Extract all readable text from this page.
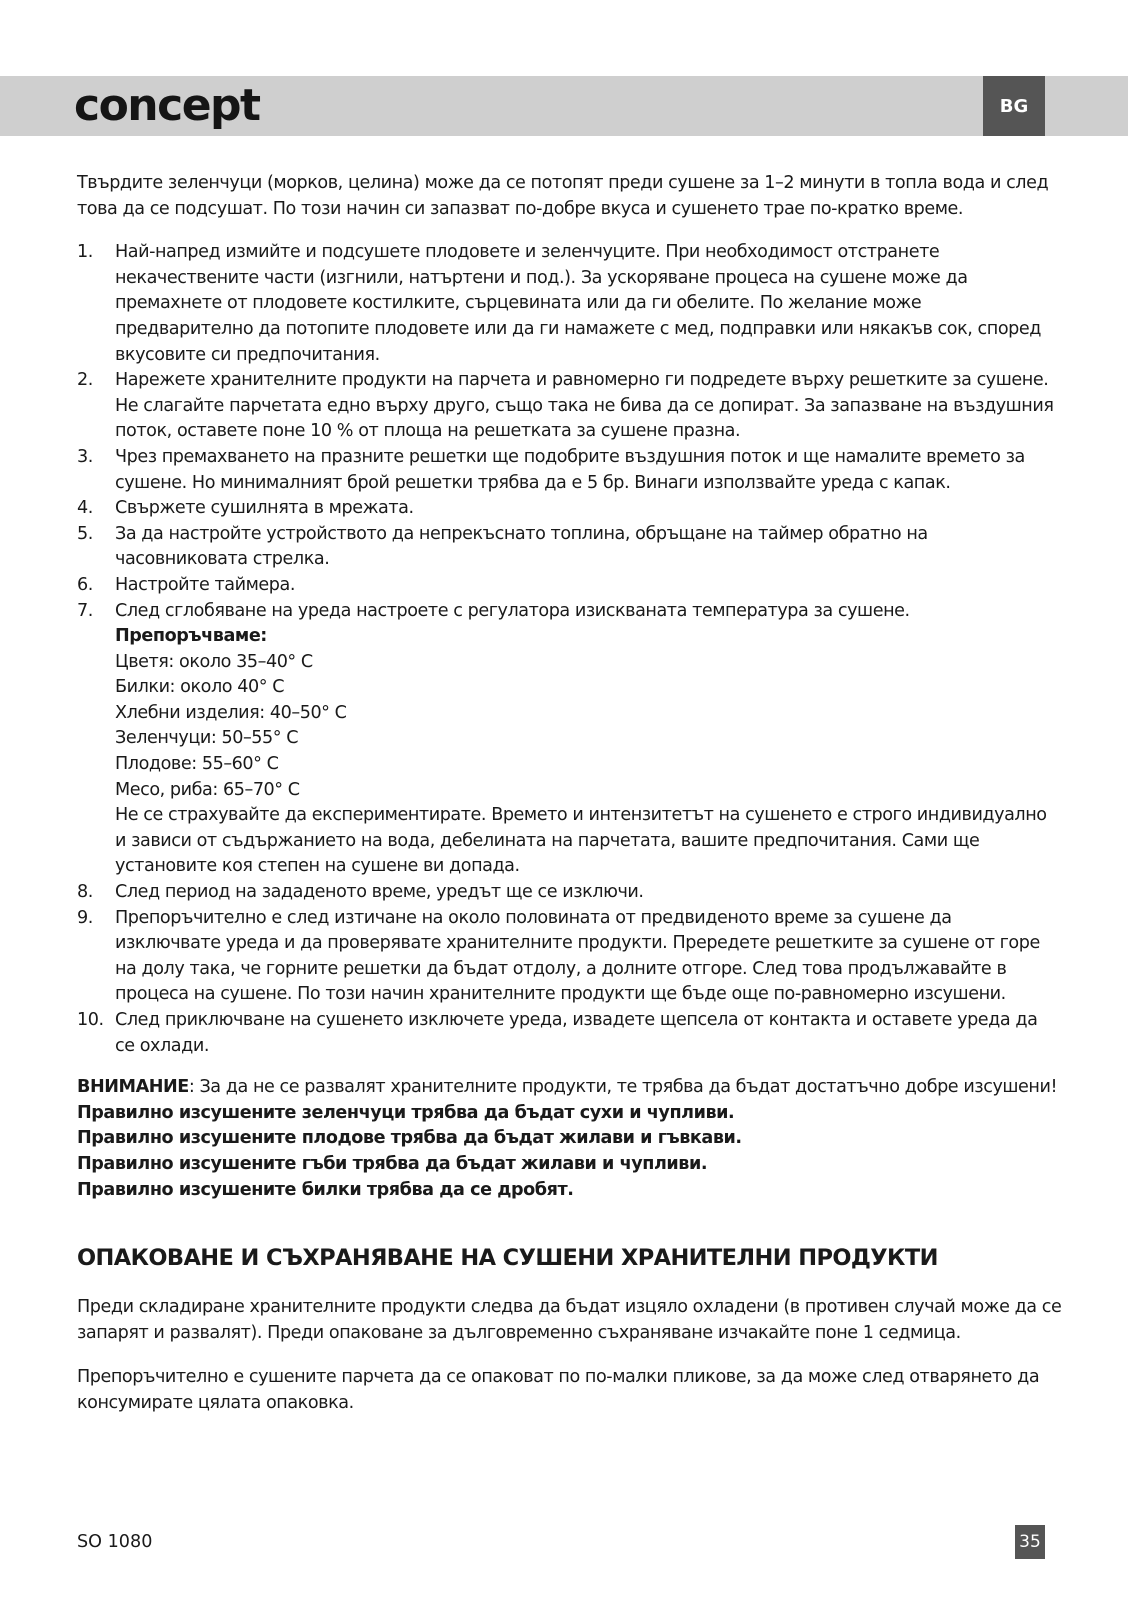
concept	BG

Твърдите зеленчуци (морков, целина) може да се потопят преди сушене за 1–2 минути в топла вода и след това да се подсушат. По този начин си запазват по-добре вкуса и сушенето трае по-кратко време.

1. Най-напред измийте и подсушете плодовете и зеленчуците. При необходимост отстранете некачествените части (изгнили, натъртени и под.). За ускоряване процеса на сушене може да премахнете от плодовете костилките, сърцевината или да ги обелите. По желание може предварително да потопите плодовете или да ги намажете с мед, подправки или някакъв сок, според вкусовите си предпочитания.
2. Нарежете хранителните продукти на парчета и равномерно ги подредете върху решетките за сушене. Не слагайте парчетата едно върху друго, също така не бива да се допират. За запазване на въздушния поток, оставете поне 10 % от площа на решетката за сушене празна.
3. Чрез премахването на празните решетки ще подобрите въздушния поток и ще намалите времето за сушене. Но минималният брой решетки трябва да е 5 бр. Винаги използвайте уреда с капак.
4. Свържете сушилнята в мрежата.
5. За да настройте устройството да непрекъснато топлина, обръщане на таймер обратно на часовниковата стрелка.
6. Настройте таймера.
7. След сглобяване на уреда настроете с регулатора изискваната температура за сушене.
Препоръчваме:
Цветя: около 35–40° C
Билки: около 40° C
Хлебни изделия: 40–50° C
Зеленчуци: 50–55° C
Плодове: 55–60° C
Месо, риба: 65–70° C
Не се страхувайте да експериментирате. Времето и интензитетът на сушенето е строго индивидуално и зависи от съдържанието на вода, дебелината на парчетата, вашите предпочитания. Сами ще установите коя степен на сушене ви допада.
8. След период на зададеното време, уредът ще се изключи.
9. Препоръчително е след изтичане на около половината от предвиденото време за сушене да изключвате уреда и да проверявате хранителните продукти. Прередете решетките за сушене от горе на долу така, че горните решетки да бъдат отдолу, а долните отгоре. След това продължавайте в процеса на сушене. По този начин хранителните продукти ще бъде още по-равномерно изсушени.
10. След приключване на сушенето изключете уреда, извадете щепсела от контакта и оставете уреда да се охлади.

ВНИМАНИЕ: За да не се развалят хранителните продукти, те трябва да бъдат достатъчно добре изсушени!

Правилно изсушените зеленчуци трябва да бъдат сухи и чупливи.

Правилно изсушените плодове трябва да бъдат жилави и гъвкави.

Правилно изсушените гъби трябва да бъдат жилави и чупливи.

Правилно изсушените билки трябва да се дробят.

ОПАКОВАНЕ И СЪХРАНЯВАНЕ НА СУШЕНИ ХРАНИТЕЛНИ ПРОДУКТИ

Преди складиране хранителните продукти следва да бъдат изцяло охладени (в противен случай може да се запарят и развалят). Преди опаковане за дълговременно съхраняване изчакайте поне 1 седмица.

Препоръчително е сушените парчета да се опаковат по по-малки пликове, за да може след отварянето да консумирате цялата опаковка.

SO 1080	35
